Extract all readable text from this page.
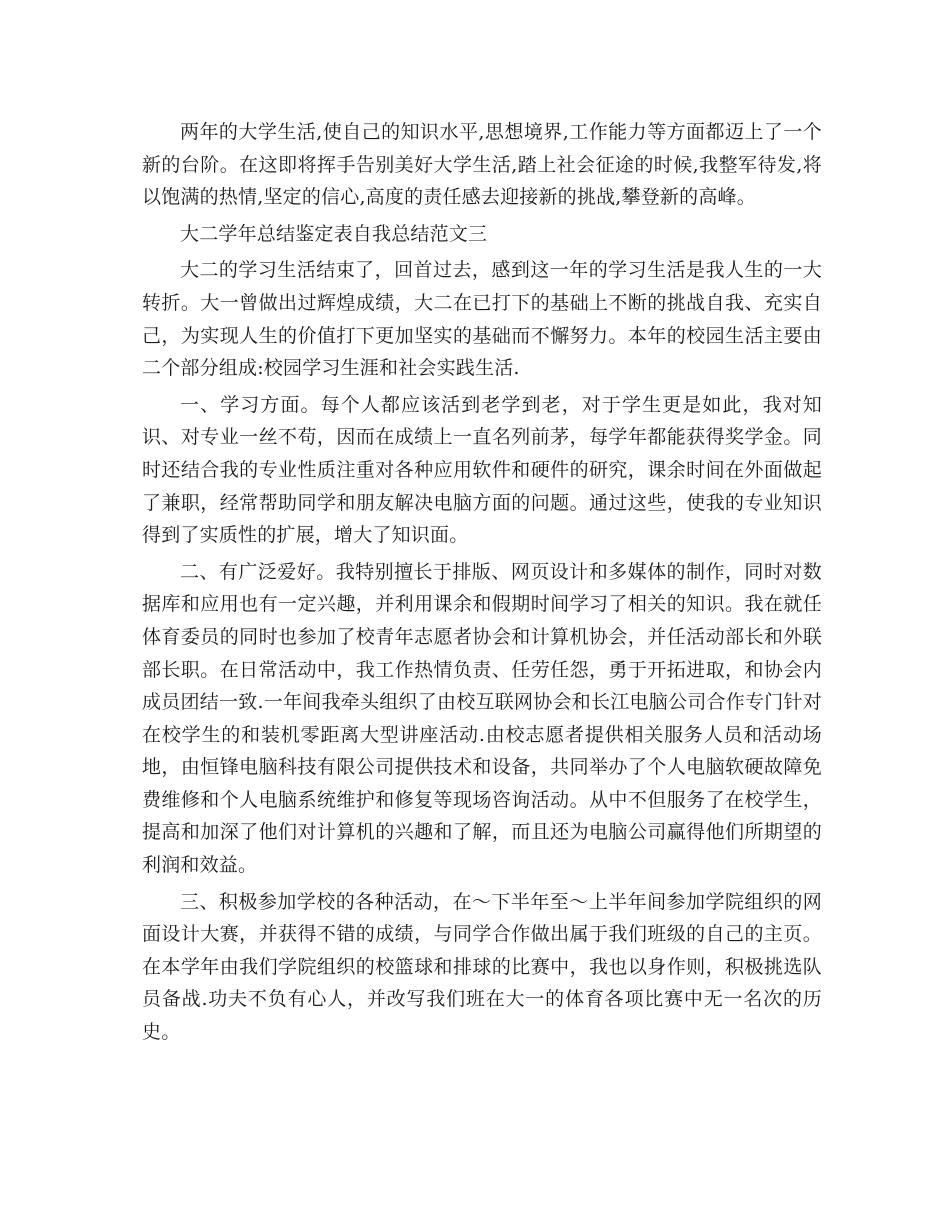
两年的大学生活,使自己的知识水平,思想境界,工作能力等方面都迈上了一个新的台阶。在这即将挥手告别美好大学生活,踏上社会征途的时候,我整军待发,将以饱满的热情,坚定的信心,高度的责任感去迎接新的挑战,攀登新的高峰。

大二学年总结鉴定表自我总结范文三

大二的学习生活结束了，回首过去，感到这一年的学习生活是我人生的一大转折。大一曾做出过辉煌成绩，大二在已打下的基础上不断的挑战自我、充实自己，为实现人生的价值打下更加坚实的基础而不懈努力。本年的校园生活主要由二个部分组成:校园学习生涯和社会实践生活.

一、学习方面。每个人都应该活到老学到老，对于学生更是如此，我对知识、对专业一丝不苟，因而在成绩上一直名列前茅，每学年都能获得奖学金。同时还结合我的专业性质注重对各种应用软件和硬件的研究，课余时间在外面做起了兼职，经常帮助同学和朋友解决电脑方面的问题。通过这些，使我的专业知识得到了实质性的扩展，增大了知识面。

二、有广泛爱好。我特别擅长于排版、网页设计和多媒体的制作，同时对数据库和应用也有一定兴趣，并利用课余和假期时间学习了相关的知识。我在就任体育委员的同时也参加了校青年志愿者协会和计算机协会，并任活动部长和外联部长职。在日常活动中，我工作热情负责、任劳任怨，勇于开拓进取，和协会内成员团结一致.一年间我牵头组织了由校互联网协会和长江电脑公司合作专门针对在校学生的和装机零距离大型讲座活动.由校志愿者提供相关服务人员和活动场地，由恒锋电脑科技有限公司提供技术和设备，共同举办了个人电脑软硬故障免费维修和个人电脑系统维护和修复等现场咨询活动。从中不但服务了在校学生，提高和加深了他们对计算机的兴趣和了解，而且还为电脑公司赢得他们所期望的利润和效益。

三、积极参加学校的各种活动，在～下半年至～上半年间参加学院组织的网面设计大赛，并获得不错的成绩，与同学合作做出属于我们班级的自己的主页。在本学年由我们学院组织的校篮球和排球的比赛中，我也以身作则，积极挑选队员备战.功夫不负有心人，并改写我们班在大一的体育各项比赛中无一名次的历史。
